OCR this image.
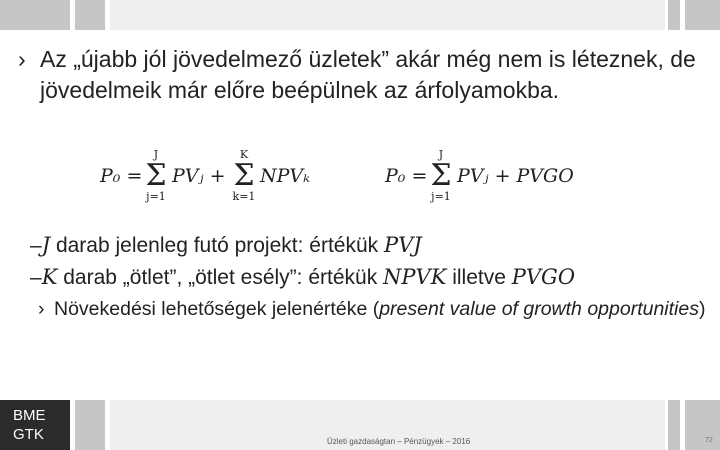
› Az „újabb jól jövedelmező üzletek” akár még nem is léteznek, de jövedelmeik már előre beépülnek az árfolyamokba.
P₀ =
J
Σ
j=1
PVⱼ +
K
Σ
k=1
NPVₖ	P₀ =
J
Σ
j=1
PVⱼ + PVGO
–J darab jelenleg futó projekt: értékük PVJ
–K darab „ötlet”, „ötlet esély”: értékük NPVK illetve PVGO
› Növekedési lehetőségek jelenértéke (present value of growth opportunities)
BME
GTK	Üzleti gazdaságtan – Pénzügyek – 2016	72
